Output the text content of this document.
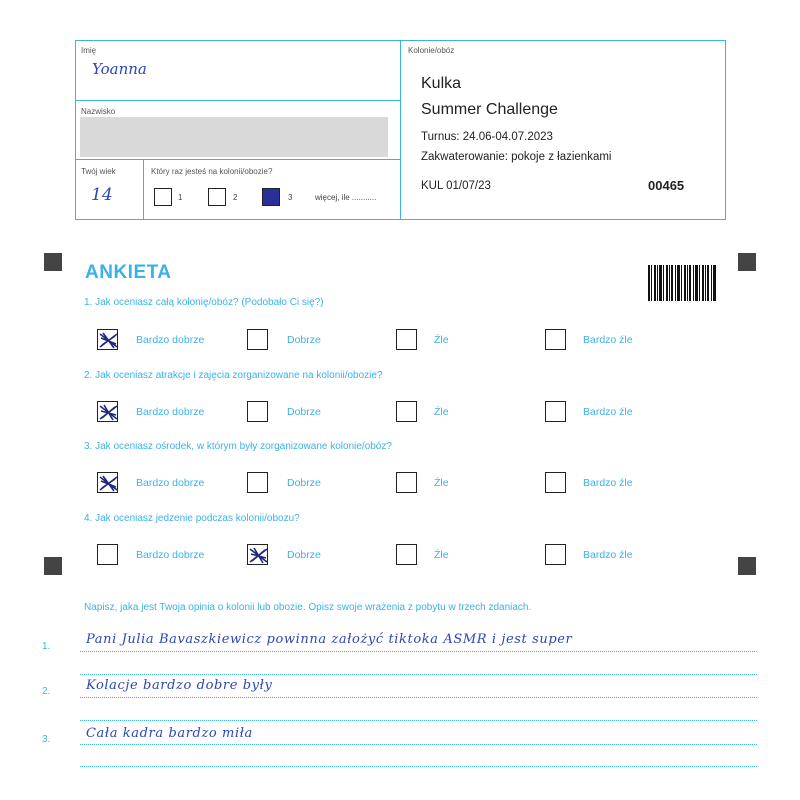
Imię
Yoanna
Nazwisko
Twój wiek
14
Który raz jesteś na kolonii/obozie?
1	2	3	więcej, ile ...........
Kolonie/obóz
Kulka
Summer Challenge
Turnus: 24.06-04.07.2023
Zakwaterowanie: pokoje z łazienkami
KUL 01/07/23	00465
ANKIETA
1. Jak oceniasz całą kolonię/obóz? (Podobało Ci się?)
Bardzo dobrze	Dobrze	Źle	Bardzo źle
2. Jak oceniasz atrakcje i zajęcia zorganizowane na kolonii/obozie?
Bardzo dobrze	Dobrze	Źle	Bardzo źle
3. Jak oceniasz ośrodek, w którym były zorganizowane kolonie/obóz?
Bardzo dobrze	Dobrze	Źle	Bardzo źle
4. Jak oceniasz jedzenie podczas kolonii/obozu?
Bardzo dobrze	Dobrze	Źle	Bardzo źle
Napisz, jaka jest Twoja opinia o kolonii lub obozie. Opisz swoje wrażenia z pobytu w trzech zdaniach.
1.	Pani Julia Bavaszkiewicz powinna założyć tiktoka ASMR i jest super
2.	Kolacje bardzo dobre były
3.	Cała kadra bardzo miła
